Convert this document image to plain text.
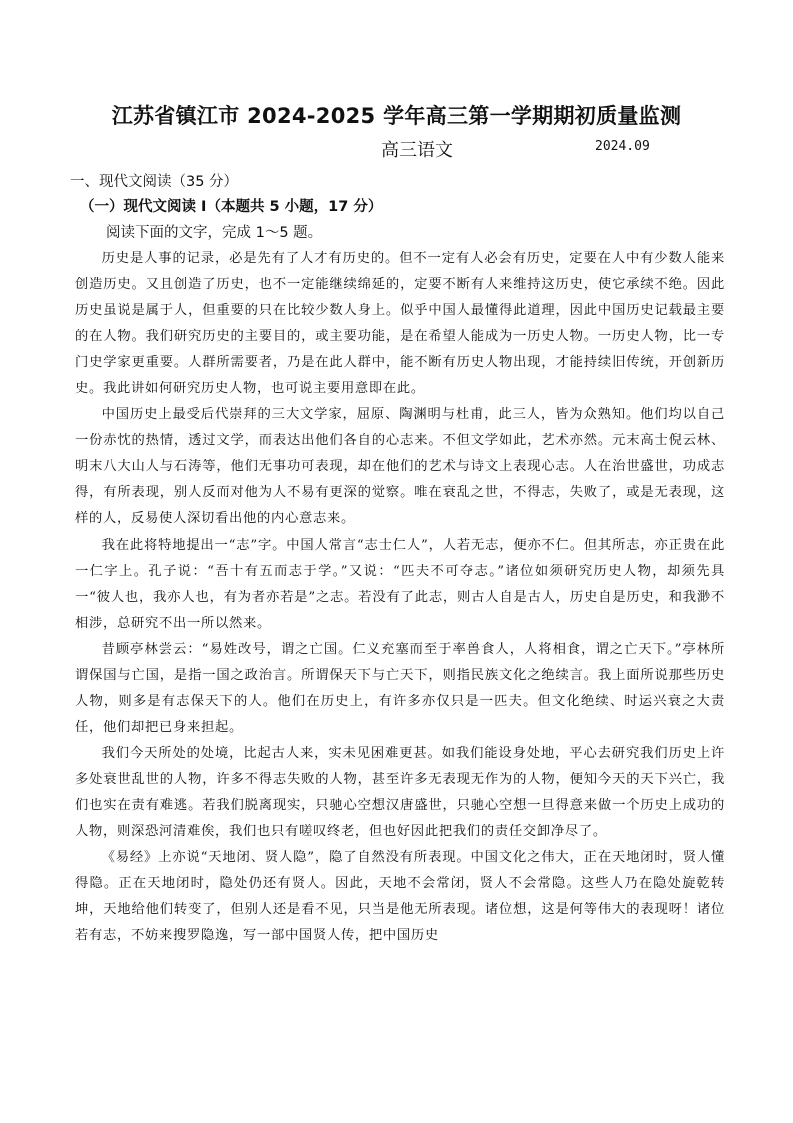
江苏省镇江市 2024-2025 学年高三第一学期期初质量监测
高三语文	2024.09
一、现代文阅读（35 分）
（一）现代文阅读 I（本题共 5 小题，17 分）
阅读下面的文字，完成 1～5 题。

历史是人事的记录，必是先有了人才有历史的。但不一定有人必会有历史，定要在人中有少数人能来创造历史。又且创造了历史，也不一定能继续绵延的，定要不断有人来维持这历史，使它承续不绝。因此历史虽说是属于人，但重要的只在比较少数人身上。似乎中国人最懂得此道理，因此中国历史记载最主要的在人物。我们研究历史的主要目的，或主要功能，是在希望人能成为一历史人物。一历史人物，比一专门史学家更重要。人群所需要者，乃是在此人群中，能不断有历史人物出现，才能持续旧传统，开创新历史。我此讲如何研究历史人物，也可说主要用意即在此。

中国历史上最受后代崇拜的三大文学家，屈原、陶渊明与杜甫，此三人，皆为众熟知。他们均以自己一份赤忱的热情，透过文学，而表达出他们各自的心志来。不但文学如此，艺术亦然。元末高士倪云林、明末八大山人与石涛等，他们无事功可表现，却在他们的艺术与诗文上表现心志。人在治世盛世，功成志得，有所表现，别人反而对他为人不易有更深的觉察。唯在衰乱之世，不得志，失败了，或是无表现，这样的人，反易使人深切看出他的内心意志来。

我在此将特地提出一“志”字。中国人常言“志士仁人”，人若无志，便亦不仁。但其所志，亦正贵在此一仁字上。孔子说：“吾十有五而志于学。”又说：“匹夫不可夺志。”诸位如须研究历史人物，却须先具一“彼人也，我亦人也，有为者亦若是”之志。若没有了此志，则古人自是古人，历史自是历史，和我渺不相涉，总研究不出一所以然来。

昔顾亭林尝云：“易姓改号，谓之亡国。仁义充塞而至于率兽食人，人将相食，谓之亡天下。”亭林所谓保国与亡国，是指一国之政治言。所谓保天下与亡天下，则指民族文化之绝续言。我上面所说那些历史人物，则多是有志保天下的人。他们在历史上，有许多亦仅只是一匹夫。但文化绝续、时运兴衰之大责任，他们却把已身来担起。

我们今天所处的处境，比起古人来，实未见困难更甚。如我们能设身处地，平心去研究我们历史上许多处衰世乱世的人物，许多不得志失败的人物，甚至许多无表现无作为的人物，便知今天的天下兴亡，我们也实在责有难逃。若我们脱离现实，只驰心空想汉唐盛世，只驰心空想一旦得意来做一个历史上成功的人物，则深恐河清难俟，我们也只有嗟叹终老，但也好因此把我们的责任交卸净尽了。

《易经》上亦说“天地闭、贤人隐”，隐了自然没有所表现。中国文化之伟大，正在天地闭时，贤人懂得隐。正在天地闭时，隐处仍还有贤人。因此，天地不会常闭，贤人不会常隐。这些人乃在隐处旋乾转坤，天地给他们转变了，但别人还是看不见，只当是他无所表现。诸位想，这是何等伟大的表现呀！诸位若有志，不妨来搜罗隐逸，写一部中国贤人传，把中国历史
